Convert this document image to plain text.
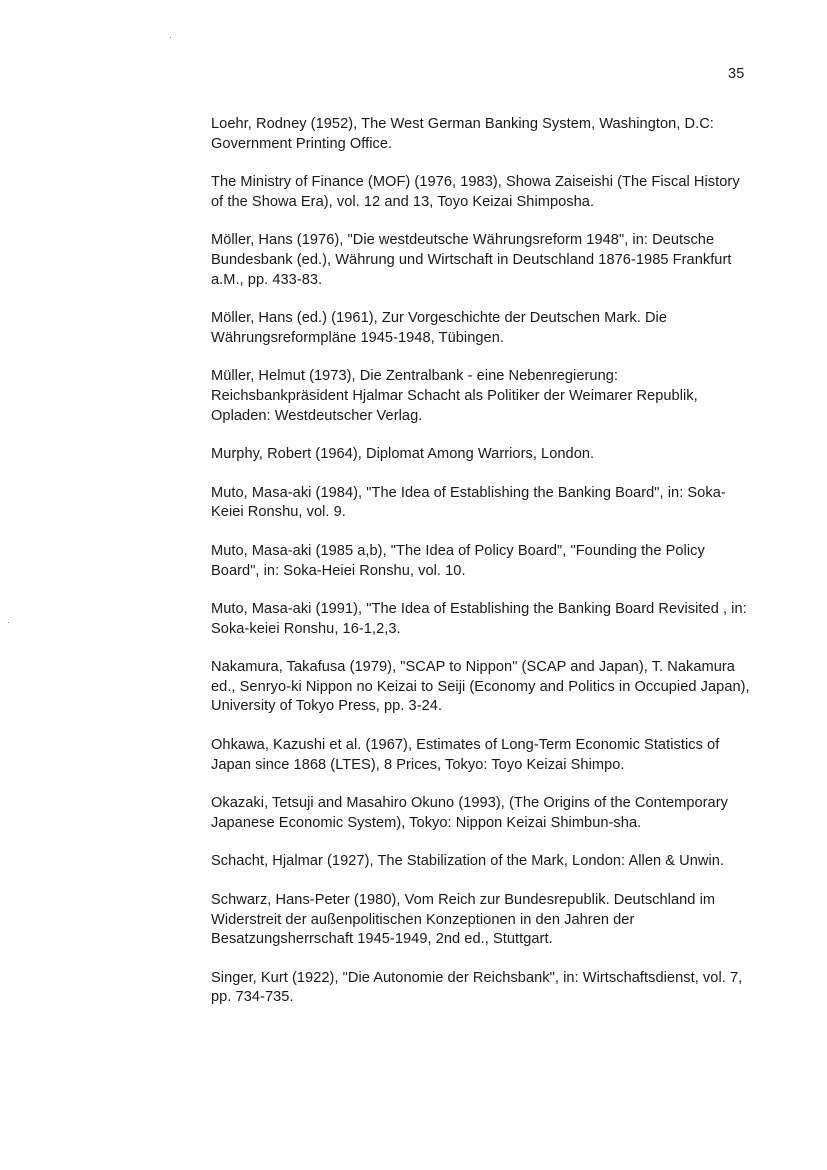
35
Loehr, Rodney (1952), The West German Banking System, Washington, D.C: Government Printing Office.
The Ministry of Finance (MOF) (1976, 1983), Showa Zaiseishi (The Fiscal History of the Showa Era), vol. 12 and 13, Toyo Keizai Shimposha.
Möller, Hans (1976), "Die westdeutsche Währungsreform 1948", in: Deutsche Bundesbank (ed.), Währung und Wirtschaft in Deutschland 1876-1985 Frankfurt a.M., pp. 433-83.
Möller, Hans (ed.) (1961), Zur Vorgeschichte der Deutschen Mark. Die Währungsreformpläne 1945-1948, Tübingen.
Müller, Helmut (1973), Die Zentralbank - eine Nebenregierung: Reichsbankpräsident Hjalmar Schacht als Politiker der Weimarer Republik, Opladen: Westdeutscher Verlag.
Murphy, Robert (1964), Diplomat Among Warriors, London.
Muto, Masa-aki (1984), "The Idea of Establishing the Banking Board", in: Soka-Keiei Ronshu, vol. 9.
Muto, Masa-aki (1985 a,b), "The Idea of Policy Board", "Founding the Policy Board", in: Soka-Heiei Ronshu, vol. 10.
Muto, Masa-aki (1991), "The Idea of Establishing the Banking Board Revisited , in: Soka-keiei Ronshu, 16-1,2,3.
Nakamura, Takafusa (1979), "SCAP to Nippon" (SCAP and Japan), T. Nakamura ed., Senryo-ki Nippon no Keizai to Seiji (Economy and Politics in Occupied Japan), University of Tokyo Press, pp. 3-24.
Ohkawa, Kazushi et al. (1967), Estimates of Long-Term Economic Statistics of Japan since 1868 (LTES), 8 Prices, Tokyo: Toyo Keizai Shimpo.
Okazaki, Tetsuji and Masahiro Okuno (1993), (The Origins of the Contemporary Japanese Economic System), Tokyo: Nippon Keizai Shimbun-sha.
Schacht, Hjalmar (1927), The Stabilization of the Mark, London: Allen & Unwin.
Schwarz, Hans-Peter (1980), Vom Reich zur Bundesrepublik. Deutschland im Widerstreit der außenpolitischen Konzeptionen in den Jahren der Besatzungsherrschaft 1945-1949, 2nd ed., Stuttgart.
Singer, Kurt (1922), "Die Autonomie der Reichsbank", in: Wirtschaftsdienst, vol. 7, pp. 734-735.
